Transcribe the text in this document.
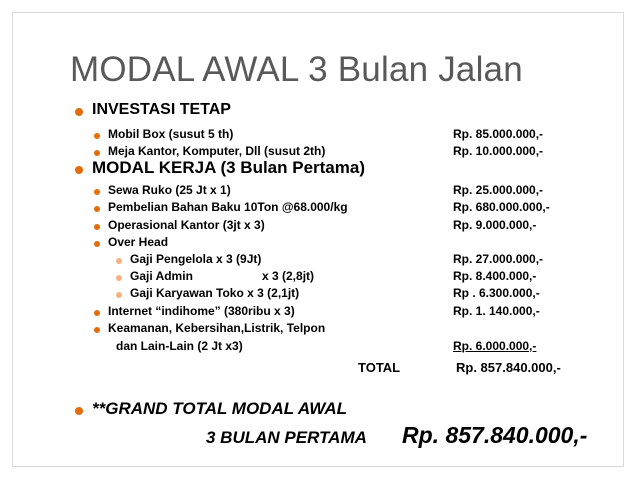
MODAL AWAL 3 Bulan Jalan
INVESTASI TETAP
Mobil Box (susut 5 th)	Rp. 85.000.000,-
Meja Kantor, Komputer, Dll (susut 2th)	Rp. 10.000.000,-
MODAL KERJA (3 Bulan Pertama)
Sewa Ruko (25 Jt x 1)	Rp. 25.000.000,-
Pembelian Bahan Baku 10Ton @68.000/kg	Rp. 680.000.000,-
Operasional Kantor (3jt x 3)	Rp. 9.000.000,-
Over Head
Gaji Pengelola x 3 (9Jt)	Rp. 27.000.000,-
Gaji Admin	x 3 (2,8jt)	Rp. 8.400.000,-
Gaji Karyawan Toko x 3 (2,1jt)	Rp . 6.300.000,-
Internet “indihome” (380ribu x 3)	Rp. 1. 140.000,-
Keamanan, Kebersihan,Listrik, Telpon
dan Lain-Lain (2 Jt x3)	Rp. 6.000.000,-
TOTAL	Rp. 857.840.000,-
**GRAND TOTAL MODAL AWAL
3 BULAN PERTAMA Rp. 857.840.000,-
